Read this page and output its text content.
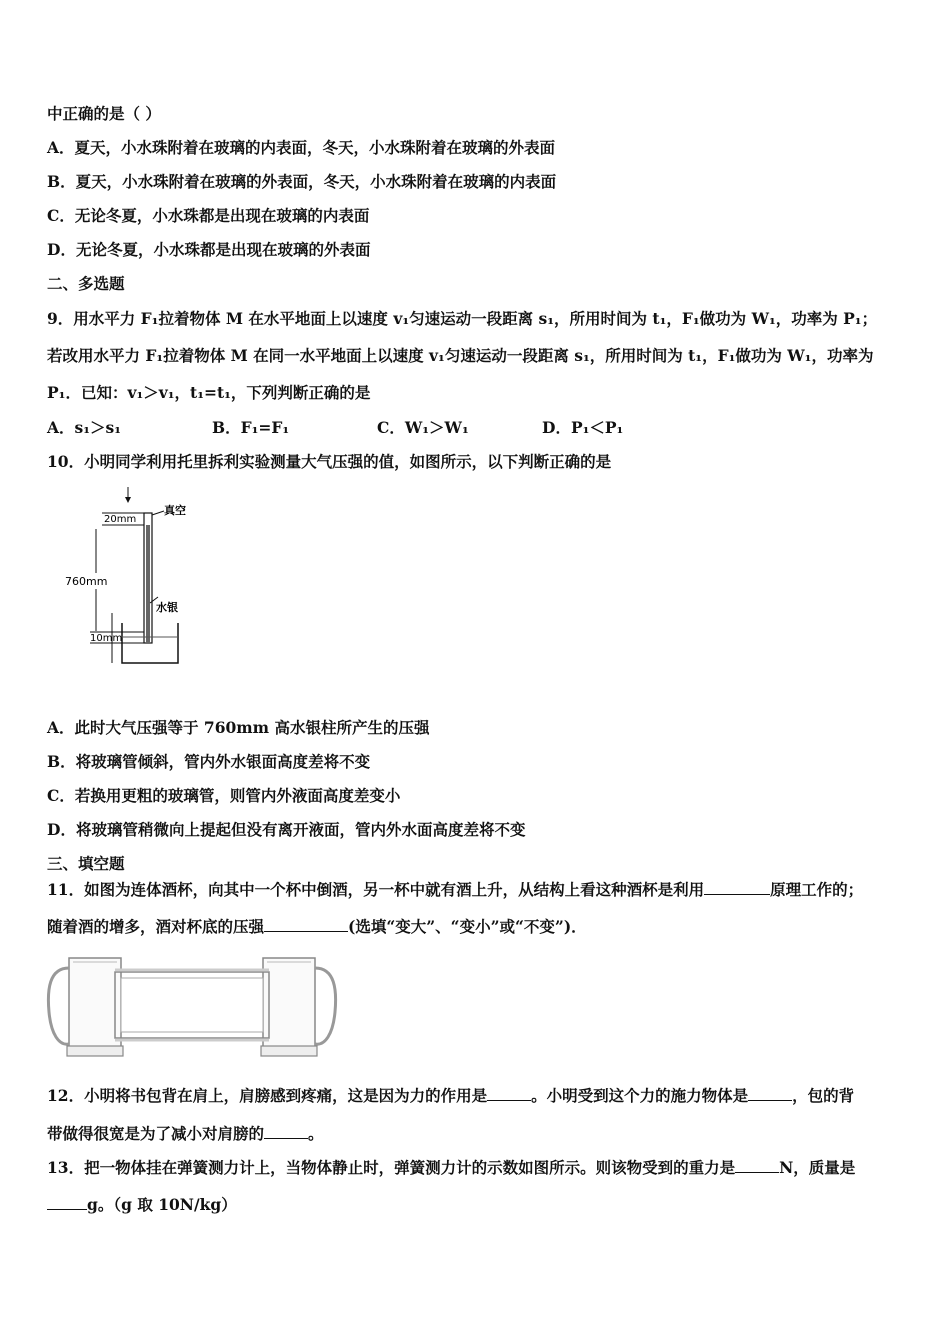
中正确的是（ ）
A．夏天，小水珠附着在玻璃的内表面，冬天，小水珠附着在玻璃的外表面
B．夏天，小水珠附着在玻璃的外表面，冬天，小水珠附着在玻璃的内表面
C．无论冬夏，小水珠都是出现在玻璃的内表面
D．无论冬夏，小水珠都是出现在玻璃的外表面
二、多选题
9．用水平力 F₁拉着物体 M 在水平地面上以速度 v₁匀速运动一段距离 s₁，所用时间为 t₁，F₁做功为 W₁，功率为 P₁；
若改用水平力 F₁拉着物体 M 在同一水平地面上以速度 v₁匀速运动一段距离 s₁，所用时间为 t₁，F₁做功为 W₁，功率为
P₁．已知：v₁＞v₁，t₁=t₁，下列判断正确的是
A．s₁＞s₁	B．F₁=F₁	C．W₁＞W₁	D．P₁＜P₁
10．小明同学利用托里拆利实验测量大气压强的值，如图所示，以下判断正确的是
20mm
真空
760mm
水银
10mm
A．此时大气压强等于 760mm 高水银柱所产生的压强
B．将玻璃管倾斜，管内外水银面高度差将不变
C．若换用更粗的玻璃管，则管内外液面高度差变小
D．将玻璃管稍微向上提起但没有离开液面，管内外水面高度差将不变
三、填空题
11．如图为连体酒杯，向其中一个杯中倒酒，另一杯中就有酒上升，从结构上看这种酒杯是利用	原理工作的；
随着酒的增多，酒对杯底的压强	(选填“变大”、“变小”或“不变”)．
12．小明将书包背在肩上，肩膀感到疼痛，这是因为力的作用是	。小明受到这个力的施力物体是	，包的背
带做得很宽是为了减小对肩膀的	。
13．把一物体挂在弹簧测力计上，当物体静止时，弹簧测力计的示数如图所示。则该物受到的重力是	N，质量是
g。（g 取 10N/kg）
